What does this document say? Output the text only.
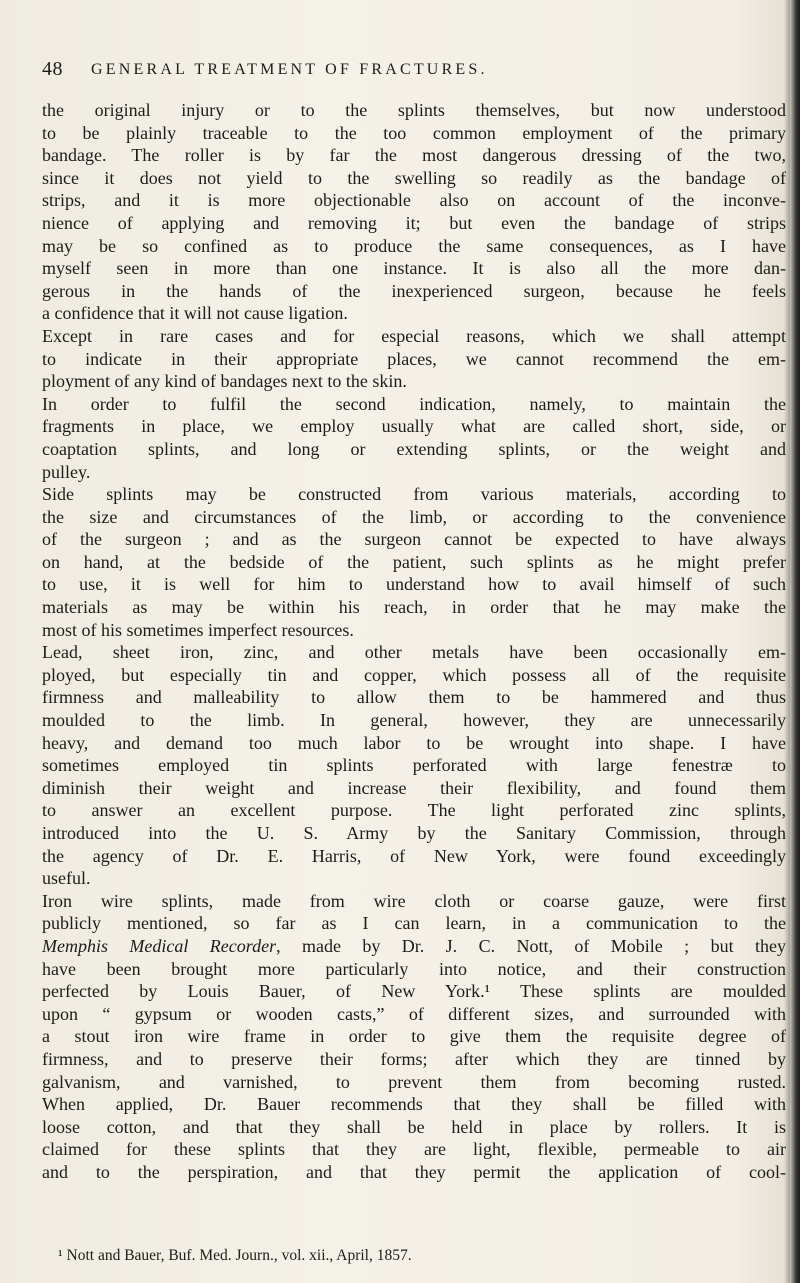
48 GENERAL TREATMENT OF FRACTURES.
the original injury or to the splints themselves, but now understood
to be plainly traceable to the too common employment of the primary
bandage. The roller is by far the most dangerous dressing of the two,
since it does not yield to the swelling so readily as the bandage of
strips, and it is more objectionable also on account of the inconve-
nience of applying and removing it; but even the bandage of strips
may be so confined as to produce the same consequences, as I have
myself seen in more than one instance. It is also all the more dan-
gerous in the hands of the inexperienced surgeon, because he feels
a confidence that it will not cause ligation.
Except in rare cases and for especial reasons, which we shall attempt
to indicate in their appropriate places, we cannot recommend the em-
ployment of any kind of bandages next to the skin.
In order to fulfil the second indication, namely, to maintain the
fragments in place, we employ usually what are called short, side, or
coaptation splints, and long or extending splints, or the weight and
pulley.
Side splints may be constructed from various materials, according to
the size and circumstances of the limb, or according to the convenience
of the surgeon ; and as the surgeon cannot be expected to have always
on hand, at the bedside of the patient, such splints as he might prefer
to use, it is well for him to understand how to avail himself of such
materials as may be within his reach, in order that he may make the
most of his sometimes imperfect resources.
Lead, sheet iron, zinc, and other metals have been occasionally em-
ployed, but especially tin and copper, which possess all of the requisite
firmness and malleability to allow them to be hammered and thus
moulded to the limb. In general, however, they are unnecessarily
heavy, and demand too much labor to be wrought into shape. I have
sometimes employed tin splints perforated with large fenestræ to
diminish their weight and increase their flexibility, and found them
to answer an excellent purpose. The light perforated zinc splints,
introduced into the U. S. Army by the Sanitary Commission, through
the agency of Dr. E. Harris, of New York, were found exceedingly
useful.
Iron wire splints, made from wire cloth or coarse gauze, were first
publicly mentioned, so far as I can learn, in a communication to the
Memphis Medical Recorder, made by Dr. J. C. Nott, of Mobile ; but they
have been brought more particularly into notice, and their construction
perfected by Louis Bauer, of New York.¹ These splints are moulded
upon “ gypsum or wooden casts,” of different sizes, and surrounded with
a stout iron wire frame in order to give them the requisite degree of
firmness, and to preserve their forms; after which they are tinned by
galvanism, and varnished, to prevent them from becoming rusted.
When applied, Dr. Bauer recommends that they shall be filled with
loose cotton, and that they shall be held in place by rollers. It is
claimed for these splints that they are light, flexible, permeable to air
and to the perspiration, and that they permit the application of cool-
¹ Nott and Bauer, Buf. Med. Journ., vol. xii., April, 1857.
